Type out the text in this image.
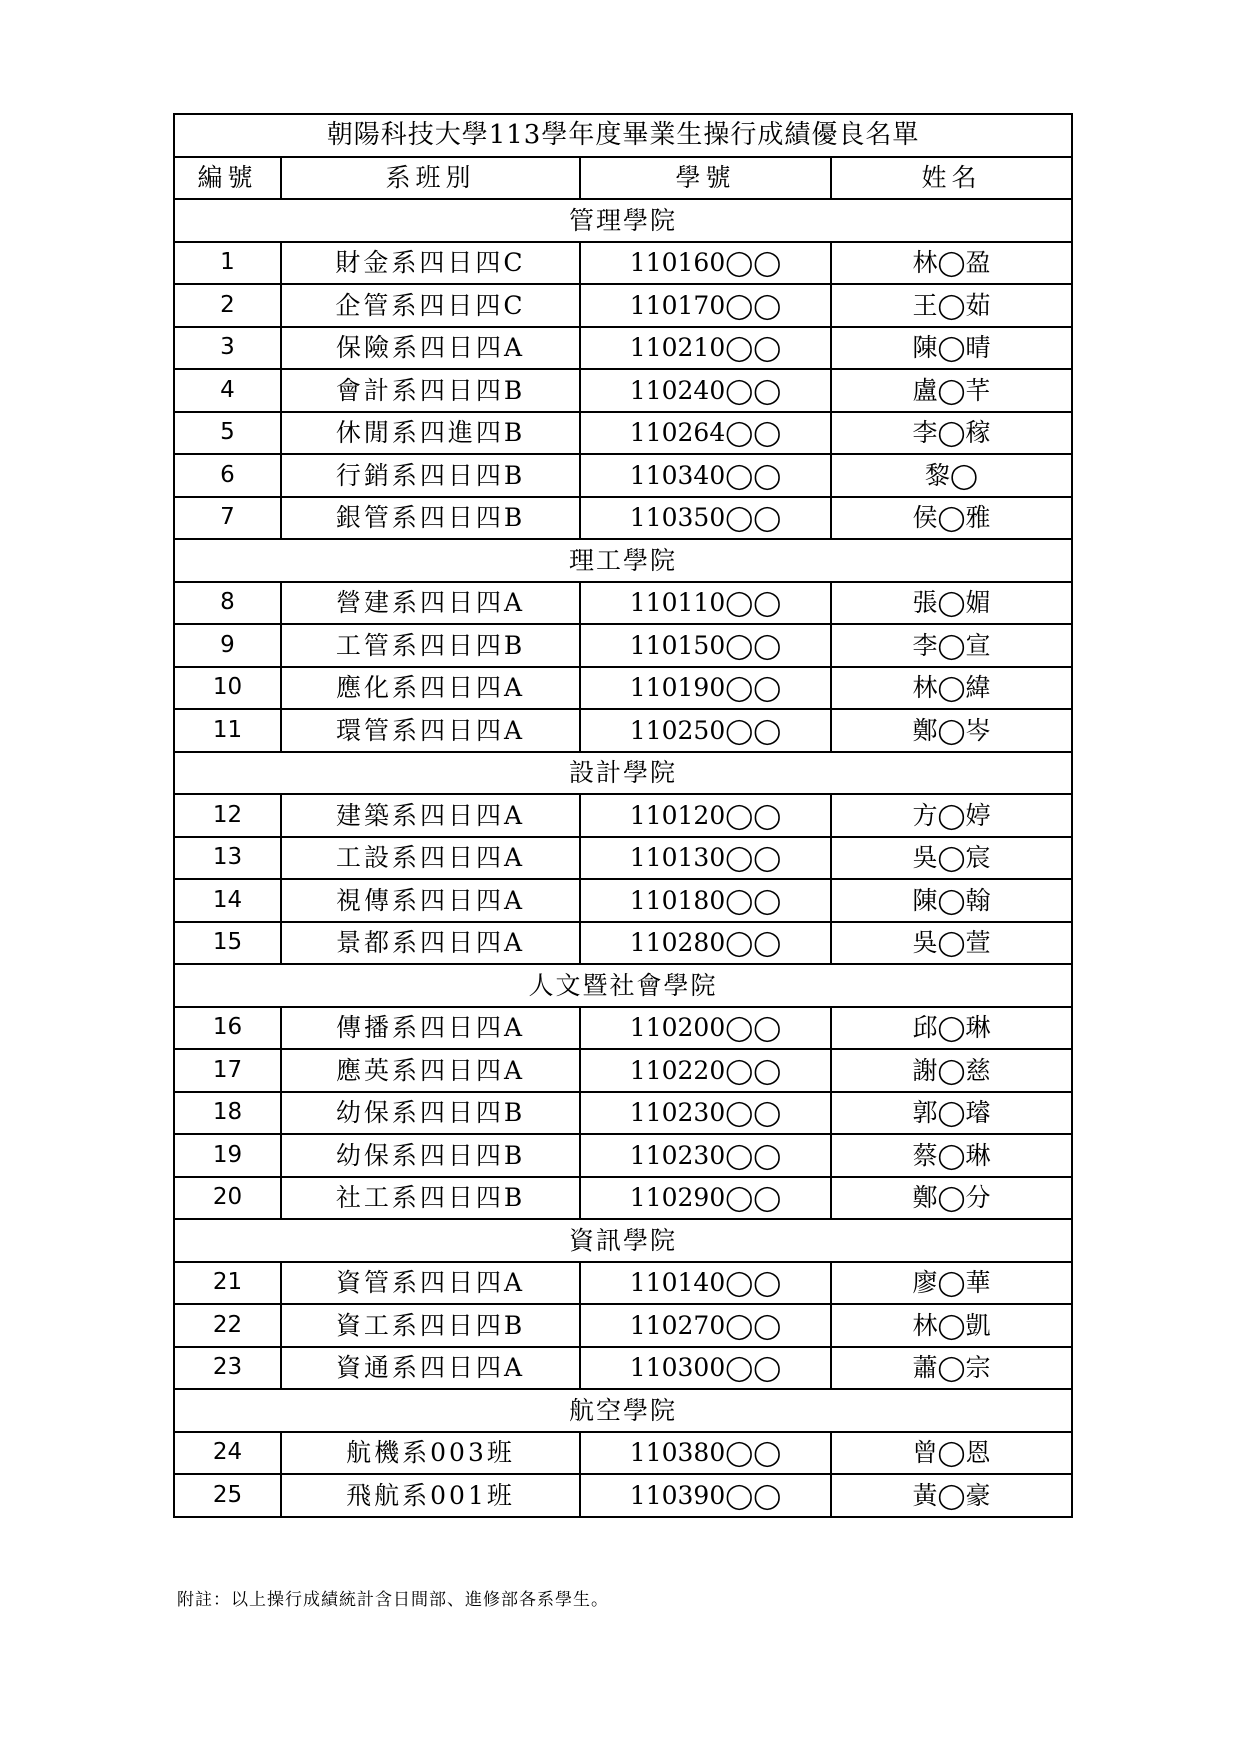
朝陽科技大學113學年度畢業生操行成績優良名單			
編號	系班別	學號	姓名
管理學院			
1	財金系四日四C	110160◯◯	林◯盈
2	企管系四日四C	110170◯◯	王◯茹
3	保險系四日四A	110210◯◯	陳◯晴
4	會計系四日四B	110240◯◯	盧◯芊
5	休閒系四進四B	110264◯◯	李◯稼
6	行銷系四日四B	110340◯◯	黎◯
7	銀管系四日四B	110350◯◯	侯◯雅
理工學院			
8	營建系四日四A	110110◯◯	張◯媚
9	工管系四日四B	110150◯◯	李◯宣
10	應化系四日四A	110190◯◯	林◯緯
11	環管系四日四A	110250◯◯	鄭◯岑
設計學院			
12	建築系四日四A	110120◯◯	方◯婷
13	工設系四日四A	110130◯◯	吳◯宸
14	視傳系四日四A	110180◯◯	陳◯翰
15	景都系四日四A	110280◯◯	吳◯萱
人文暨社會學院			
16	傳播系四日四A	110200◯◯	邱◯琳
17	應英系四日四A	110220◯◯	謝◯慈
18	幼保系四日四B	110230◯◯	郭◯璿
19	幼保系四日四B	110230◯◯	蔡◯琳
20	社工系四日四B	110290◯◯	鄭◯分
資訊學院			
21	資管系四日四A	110140◯◯	廖◯華
22	資工系四日四B	110270◯◯	林◯凱
23	資通系四日四A	110300◯◯	蕭◯宗
航空學院			
24	航機系003班	110380◯◯	曾◯恩
25	飛航系001班	110390◯◯	黃◯豪
附註：以上操行成績統計含日間部、進修部各系學生。
